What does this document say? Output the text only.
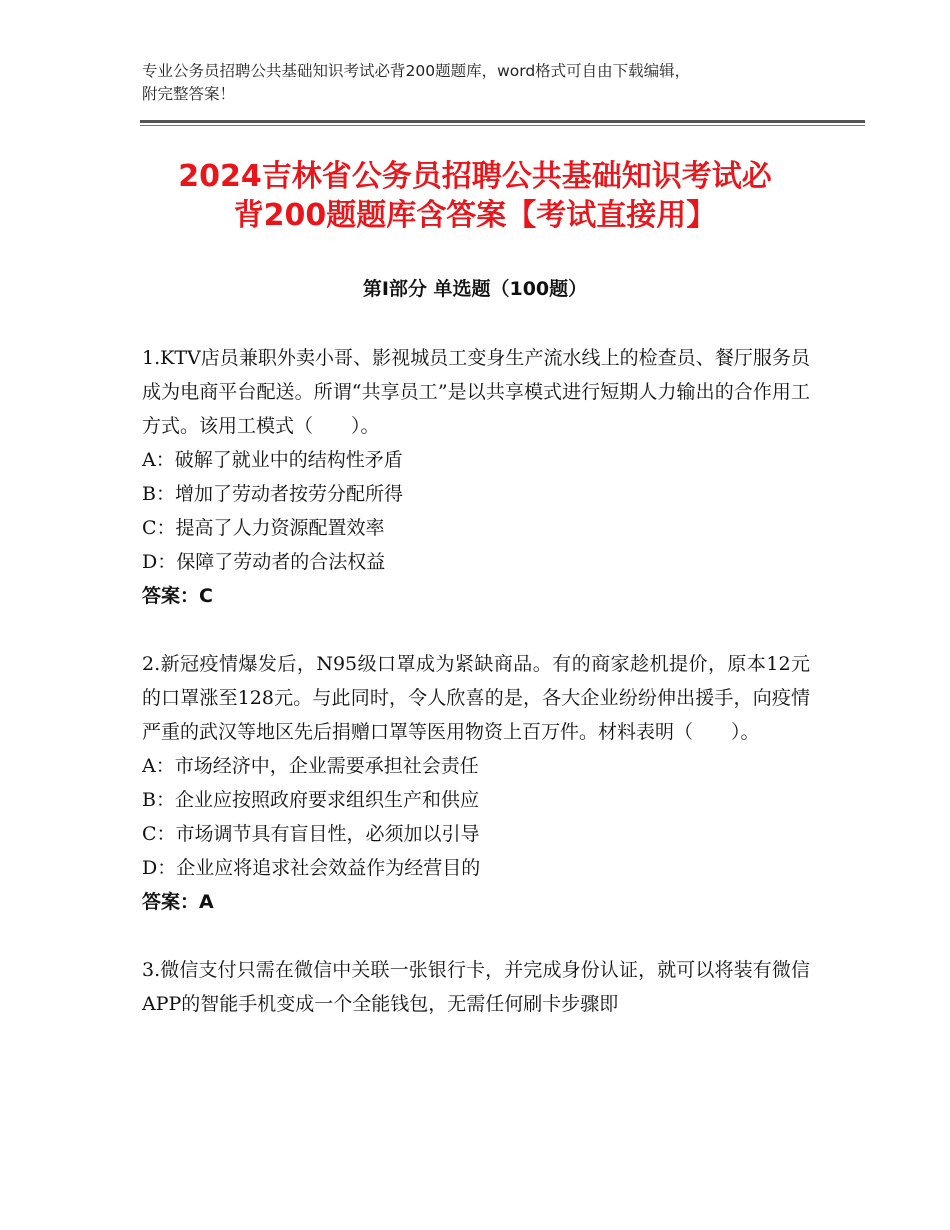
专业公务员招聘公共基础知识考试必背200题题库，word格式可自由下载编辑，
附完整答案！
2024吉林省公务员招聘公共基础知识考试必
背200题题库含答案【考试直接用】
第Ⅰ部分 单选题（100题）

1.KTV店员兼职外卖小哥、影视城员工变身生产流水线上的检查员、餐厅服务员成为电商平台配送。所谓“共享员工”是以共享模式进行短期人力输出的合作用工方式。该用工模式（　　）。

A：破解了就业中的结构性矛盾

B：增加了劳动者按劳分配所得

C：提高了人力资源配置效率

D：保障了劳动者的合法权益

答案：C

2.新冠疫情爆发后，N95级口罩成为紧缺商品。有的商家趁机提价，原本12元的口罩涨至128元。与此同时，令人欣喜的是，各大企业纷纷伸出援手，向疫情严重的武汉等地区先后捐赠口罩等医用物资上百万件。材料表明（　　）。

A：市场经济中，企业需要承担社会责任

B：企业应按照政府要求组织生产和供应

C：市场调节具有盲目性，必须加以引导

D：企业应将追求社会效益作为经营目的

答案：A

3.微信支付只需在微信中关联一张银行卡，并完成身份认证，就可以将装有微信APP的智能手机变成一个全能钱包，无需任何刷卡步骤即
